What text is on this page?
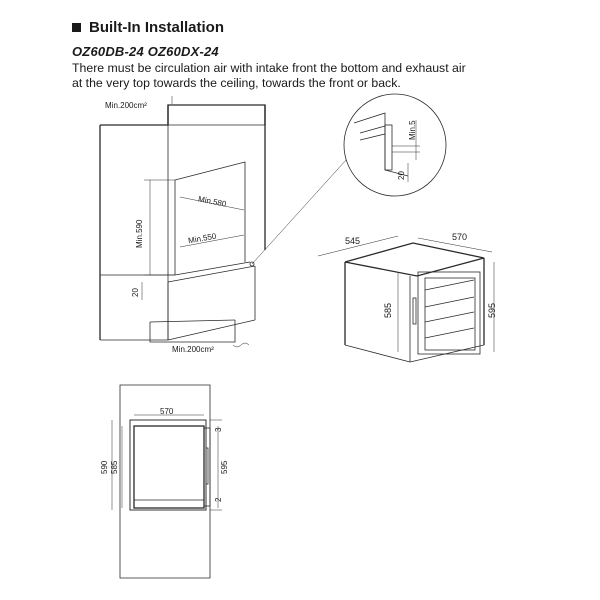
Built-In Installation
OZ60DB-24 OZ60DX-24
There must be circulation air with intake front the bottom and exhaust air
at the very top towards the ceiling, towards the front or back.
Min.200cm²
Min.200cm²
Min.580
Min.550
Min.590
20
Min.5
20
545	570
585	595
570
590 585	595
3
2
